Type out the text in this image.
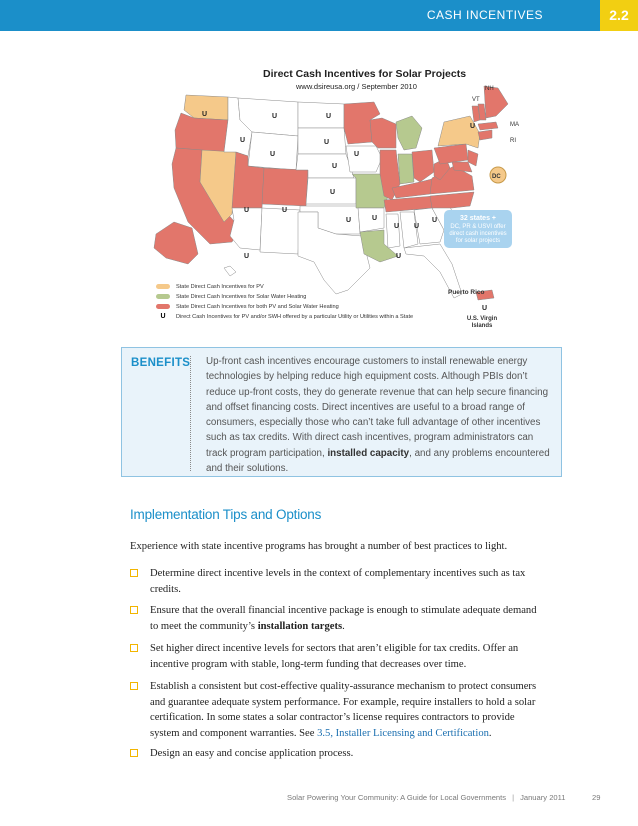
CASH INCENTIVES	2.2
U	U	U
U
U
U
U
U
U	U
U
U	U
U U
U
U
U
U
NH
VT
MA
RI
DC
32 states +
DC, PR & USVI offer
direct cash incentives
for solar projects
Puerto Rico
U
U.S. Virgin
Islands
Direct Cash Incentives for Solar Projects
www.dsireusa.org / September 2010
State Direct Cash Incentives for PV
State Direct Cash Incentives for Solar Water Heating
State Direct Cash Incentives for both PV and Solar Water Heating
U	Direct Cash Incentives for PV and/or SWH offered by a particular Utility or Utilities within a State
BENEFITS Up-front cash incentives encourage customers to install renewable energy technologies by helping reduce high equipment costs. Although PBIs don’t reduce up-front costs, they do generate revenue that can help secure financing and offset financing costs. Direct incentives are useful to a broad range of consumers, especially those who can’t take full advantage of other incentives such as tax credits. With direct cash incentives, program administrators can track program participation, installed capacity, and any problems encountered and their solutions.
Implementation Tips and Options
Experience with state incentive programs has brought a number of best practices to light.
Determine direct incentive levels in the context of complementary incentives such as tax credits.
Ensure that the overall financial incentive package is enough to stimulate adequate demand to meet the community’s installation targets.
Set higher direct incentive levels for sectors that aren’t eligible for tax credits. Offer an incentive program with stable, long-term funding that decreases over time.
Establish a consistent but cost-effective quality-assurance mechanism to protect consumers and guarantee adequate system performance. For example, require installers to hold a solar certification. In some states a solar contractor’s license requires contractors to provide system and component warranties. See 3.5, Installer Licensing and Certification.
Design an easy and concise application process.
Solar Powering Your Community: A Guide for Local Governments | January 2011	29
